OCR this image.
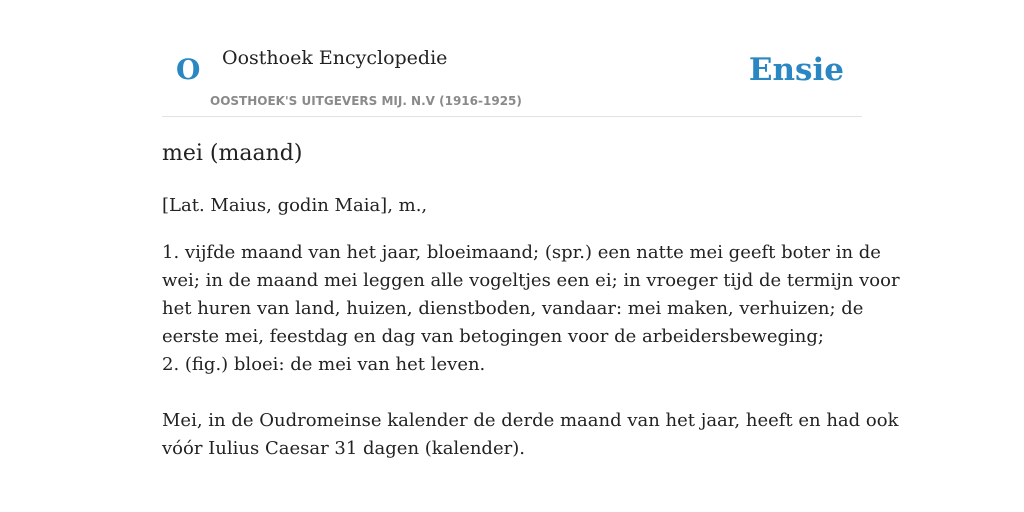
O Oosthoek Encyclopedie	Ensie
OOSTHOEK'S UITGEVERS MIJ. N.V (1916-1925)
mei (maand)
[Lat. Maius, godin Maia], m.,
1. vijfde maand van het jaar, bloeimaand; (spr.) een natte mei geeft boter in de
wei; in de maand mei leggen alle vogeltjes een ei; in vroeger tijd de termijn voor
het huren van land, huizen, dienstboden, vandaar: mei maken, verhuizen; de
eerste mei, feestdag en dag van betogingen voor de arbeidersbeweging;
2. (fig.) bloei: de mei van het leven.
Mei, in de Oudromeinse kalender de derde maand van het jaar, heeft en had ook
vóór Iulius Caesar 31 dagen (kalender).
